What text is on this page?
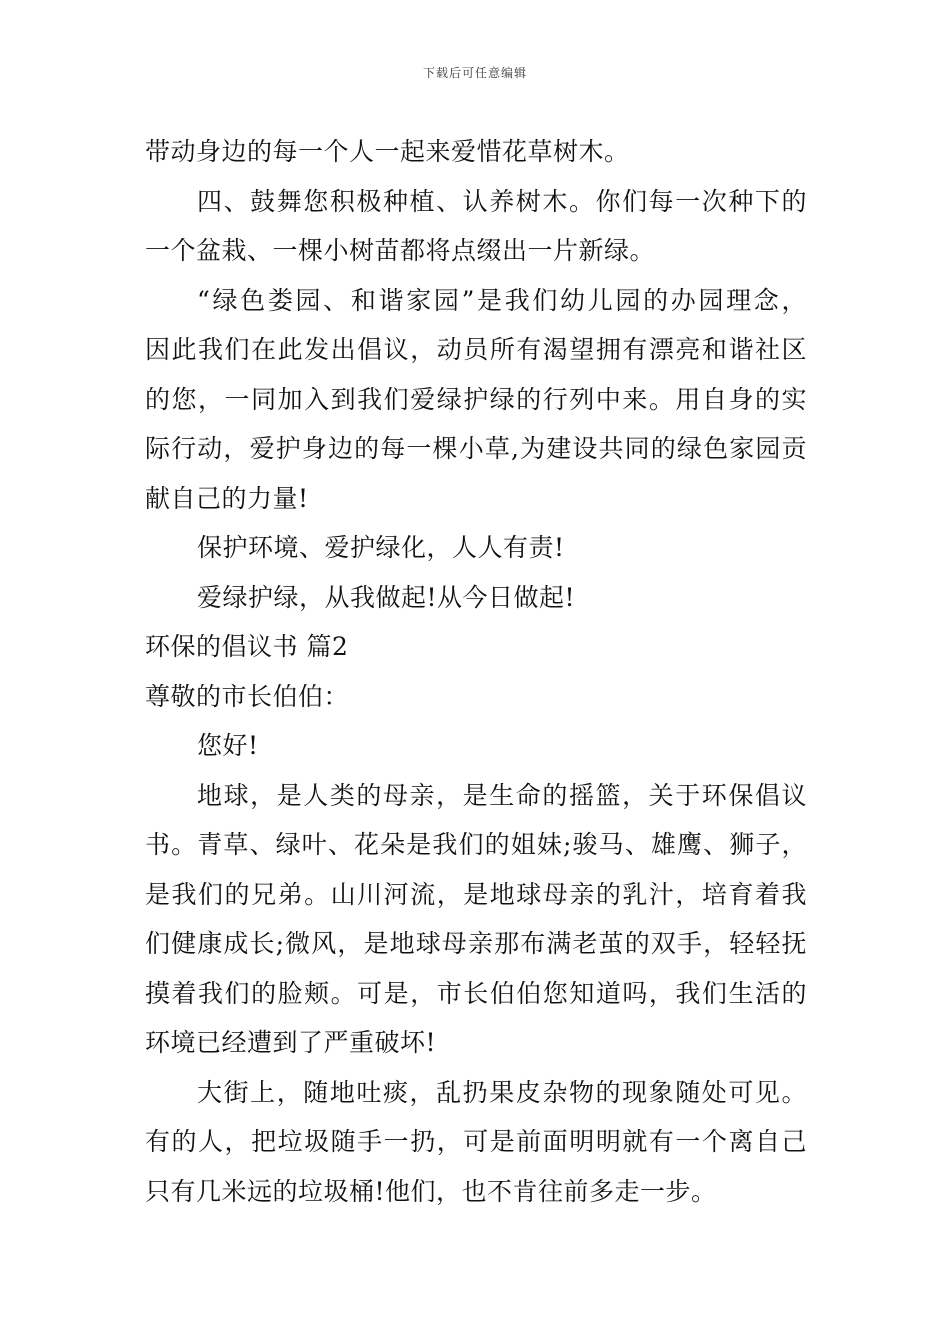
下载后可任意编辑
带动身边的每一个人一起来爱惜花草树木。
四、鼓舞您积极种植、认养树木。你们每一次种下的
一个盆栽、一棵小树苗都将点缀出一片新绿。
“绿色娄园、和谐家园”是我们幼儿园的办园理念，
因此我们在此发出倡议，动员所有渴望拥有漂亮和谐社区
的您，一同加入到我们爱绿护绿的行列中来。用自身的实
际行动，爱护身边的每一棵小草,为建设共同的绿色家园贡
献自己的力量!
保护环境、爱护绿化，人人有责!
爱绿护绿，从我做起!从今日做起!
环保的倡议书 篇2
尊敬的市长伯伯：
您好!
地球，是人类的母亲，是生命的摇篮，关于环保倡议
书。青草、绿叶、花朵是我们的姐妹;骏马、雄鹰、狮子，
是我们的兄弟。山川河流，是地球母亲的乳汁，培育着我
们健康成长;微风，是地球母亲那布满老茧的双手，轻轻抚
摸着我们的脸颊。可是，市长伯伯您知道吗，我们生活的
环境已经遭到了严重破坏!
大街上，随地吐痰，乱扔果皮杂物的现象随处可见。
有的人，把垃圾随手一扔，可是前面明明就有一个离自己
只有几米远的垃圾桶!他们，也不肯往前多走一步。
